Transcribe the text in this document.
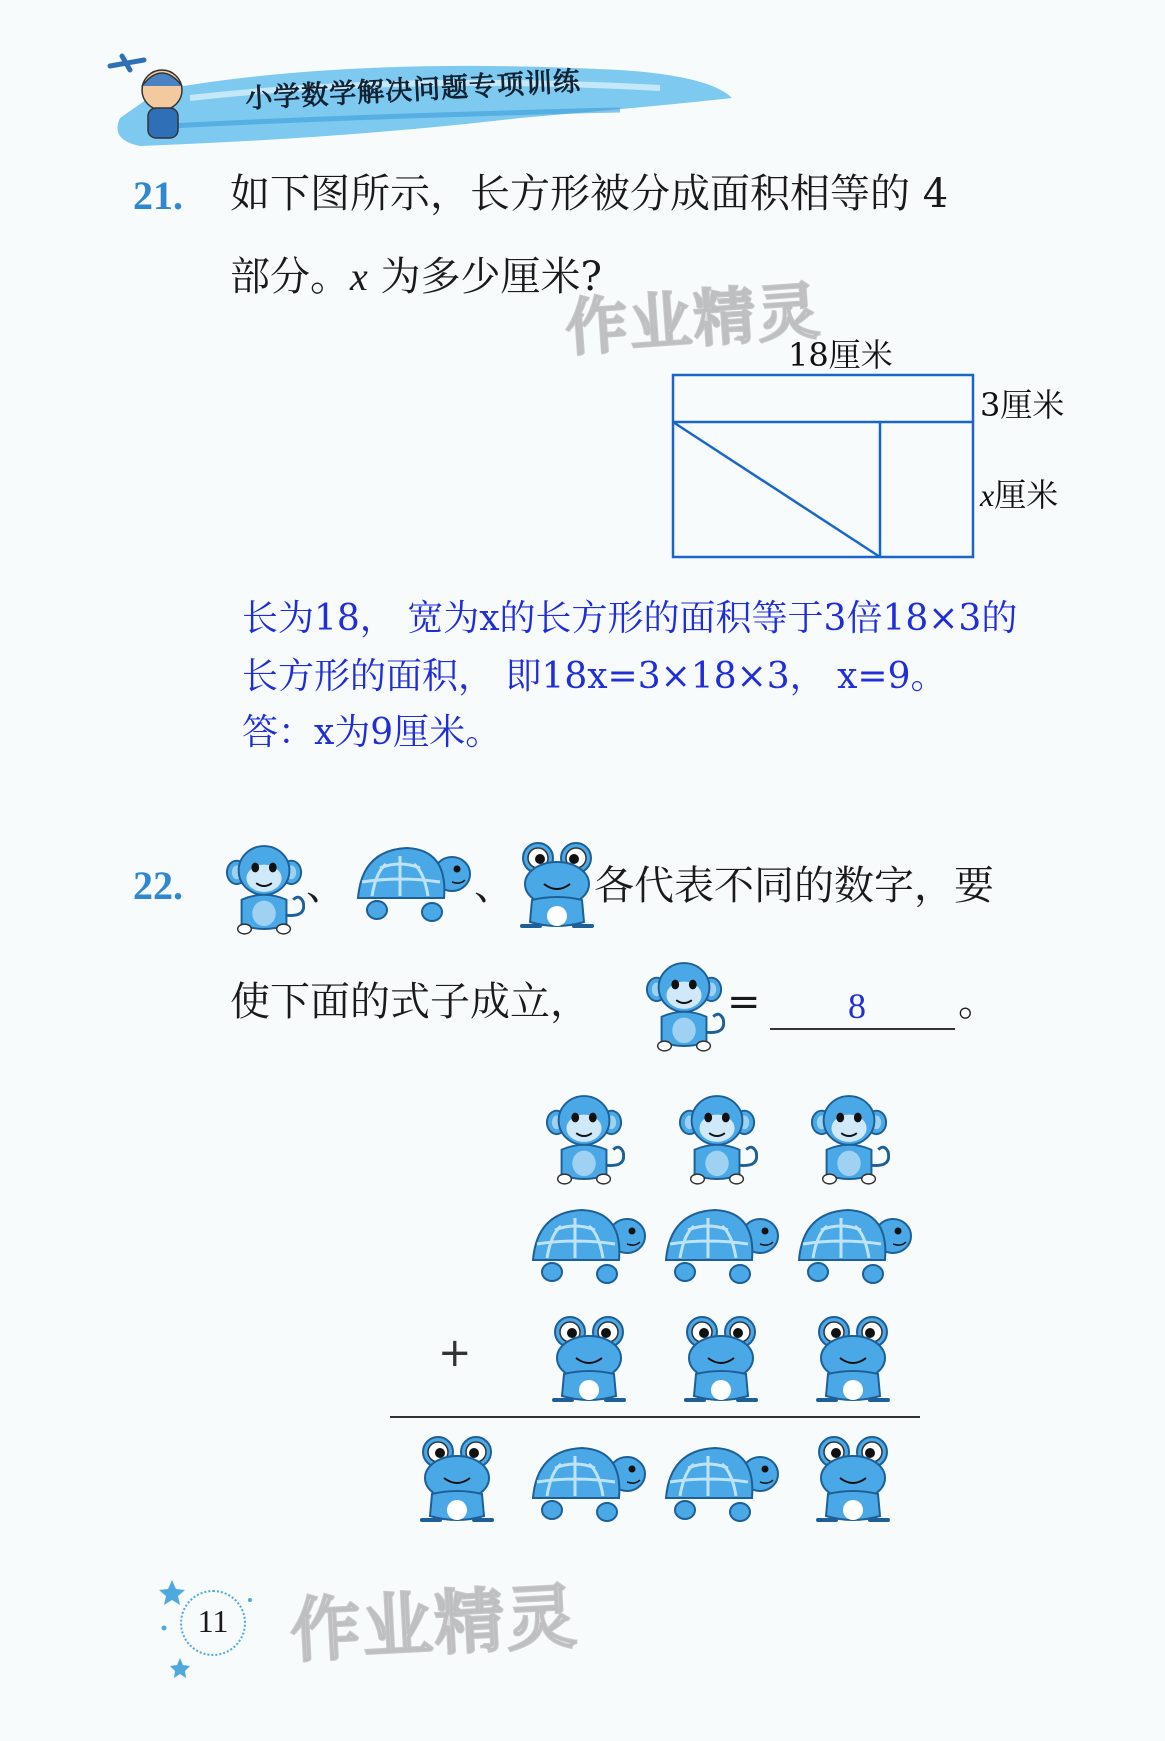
小学数学解决问题专项训练
21. 如下图所示，长方形被分成面积相等的 4
部分。x 为多少厘米?
作业精灵
18厘米
3厘米
x厘米
长为18， 宽为x的长方形的面积等于3倍18×3的
长方形的面积， 即18x=3×18×3， x=9。
答：x为9厘米。
22.	、	、 各代表不同的数字，要
使下面的式子成立，	= 8 。
+
11 作业精灵
